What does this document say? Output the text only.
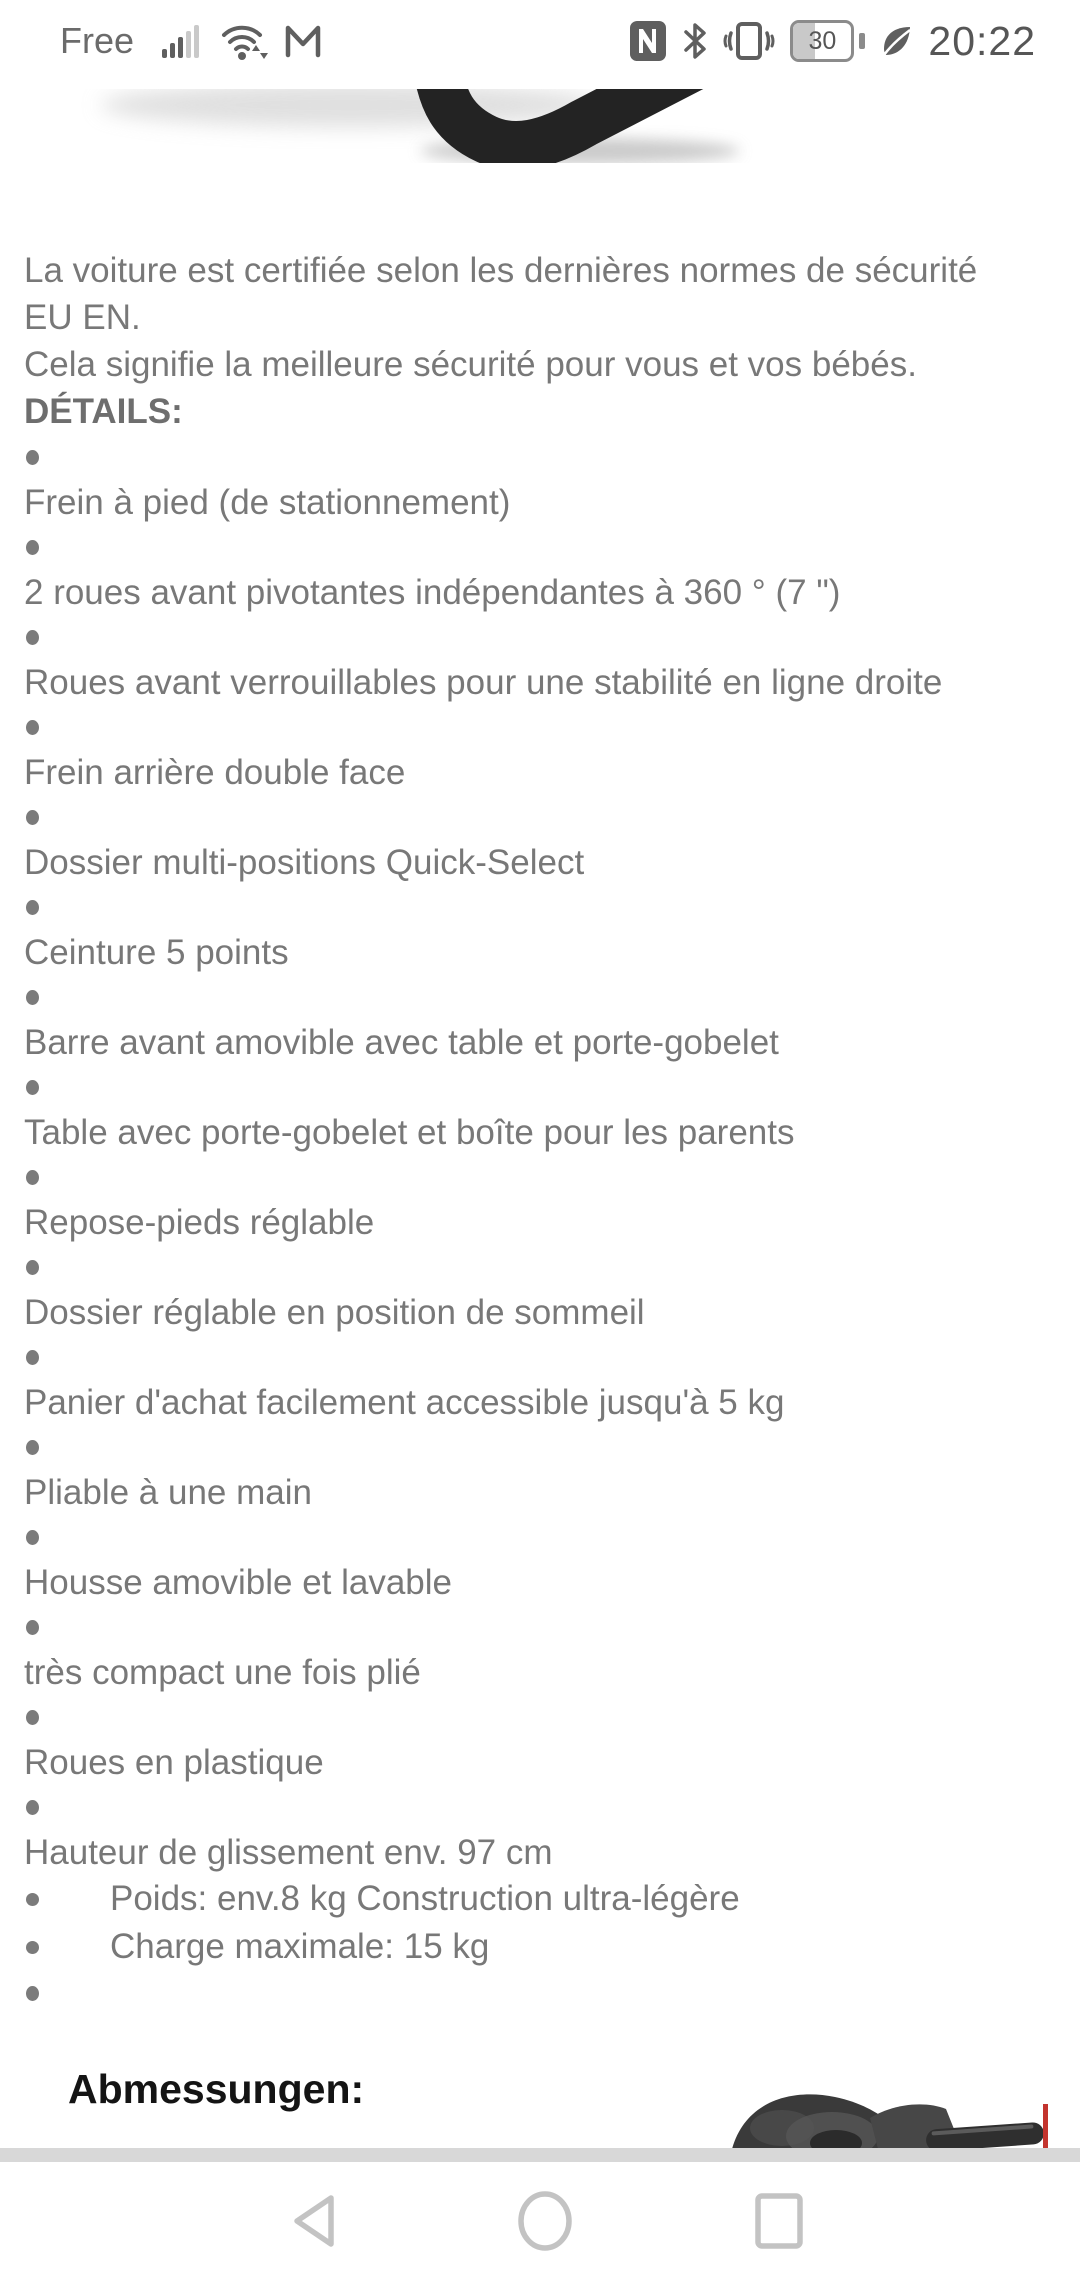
Free	30 20:22

La voiture est certifiée selon les dernières normes de sécurité EU EN.

Cela signifie la meilleure sécurité pour vous et vos bébés.

DÉTAILS:

Frein à pied (de stationnement)
2 roues avant pivotantes indépendantes à 360 ° (7 ")
Roues avant verrouillables pour une stabilité en ligne droite
Frein arrière double face
Dossier multi-positions Quick-Select
Ceinture 5 points
Barre avant amovible avec table et porte-gobelet
Table avec porte-gobelet et boîte pour les parents
Repose-pieds réglable
Dossier réglable en position de sommeil
Panier d'achat facilement accessible jusqu'à 5 kg
Pliable à une main
Housse amovible et lavable
très compact une fois plié
Roues en plastique
Hauteur de glissement env. 97 cm
Poids: env.8 kg Construction ultra-légère
Charge maximale: 15 kg
Abmessungen:
